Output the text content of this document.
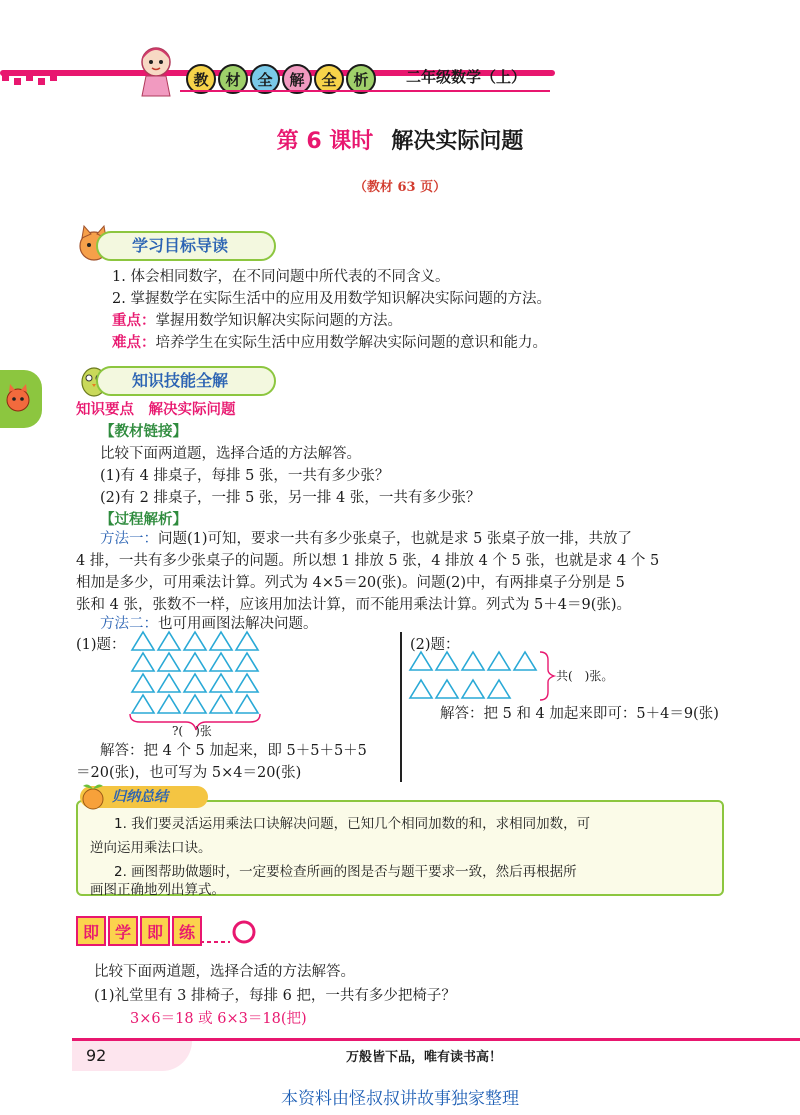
教	材	全	解	全	析	二年级数学（上）
第 6 课时 解决实际问题
（教材 63 页）
学习目标导读
1. 体会相同数字，在不同问题中所代表的不同含义。
2. 掌握数学在实际生活中的应用及用数学知识解决实际问题的方法。
重点：掌握用数学知识解决实际问题的方法。
难点：培养学生在实际生活中应用数学解决实际问题的意识和能力。
知识技能全解
知识要点　解决实际问题
【教材链接】
比较下面两道题，选择合适的方法解答。
(1)有 4 排桌子，每排 5 张，一共有多少张？
(2)有 2 排桌子，一排 5 张，另一排 4 张，一共有多少张？
【过程解析】
方法一：问题(1)可知，要求一共有多少张桌子，也就是求 5 张桌子放一排，共放了
4 排，一共有多少张桌子的问题。所以想 1 排放 5 张，4 排放 4 个 5 张，也就是求 4 个 5
相加是多少，可用乘法计算。列式为 4×5＝20(张)。问题(2)中，有两排桌子分别是 5
张和 4 张，张数不一样，应该用加法计算，而不能用乘法计算。列式为 5＋4＝9(张)。
方法二：也可用画图法解决问题。
(1)题：
?(　)张
解答：把 4 个 5 加起来，即 5＋5＋5＋5
＝20(张)，也可写为 5×4＝20(张)
(2)题：
共(　)张。
解答：把 5 和 4 加起来即可：5＋4＝9(张)
归纳总结
1. 我们要灵活运用乘法口诀解决问题，已知几个相同加数的和，求相同加数，可
逆向运用乘法口诀。
2. 画图帮助做题时，一定要检查所画的图是否与题干要求一致，然后再根据所
画图正确地列出算式。
即 学 即 练
比较下面两道题，选择合适的方法解答。
(1)礼堂里有 3 排椅子，每排 6 把，一共有多少把椅子？
3×6＝18 或 6×3＝18(把)
92	万般皆下品，唯有读书高！
本资料由怪叔叔讲故事独家整理
